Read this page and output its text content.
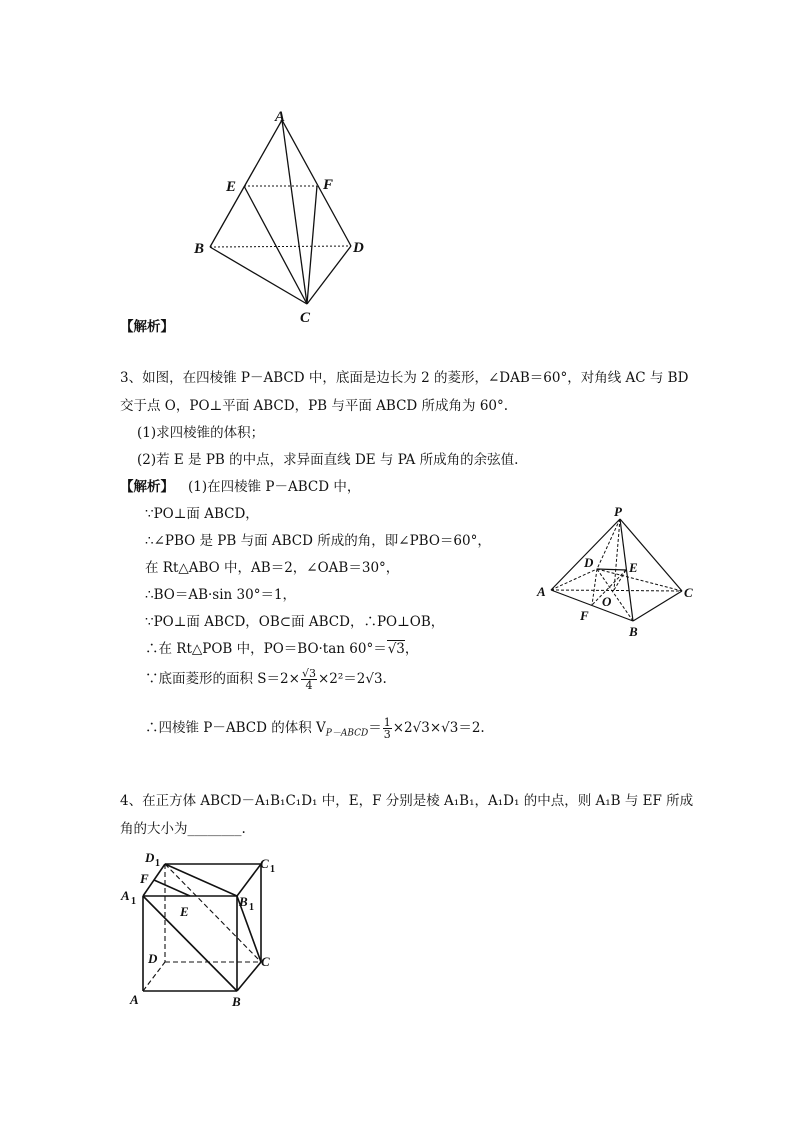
A
E	F
B	D
C
【解析】
3、如图，在四棱锥 P－ABCD 中，底面是边长为 2 的菱形，∠DAB＝60°，对角线 AC 与 BD
交于点 O，PO⊥平面 ABCD，PB 与平面 ABCD 所成角为 60°.
(1)求四棱锥的体积；
(2)若 E 是 PB 的中点，求异面直线 DE 与 PA 所成角的余弦值.
【解析】 (1)在四棱锥 P－ABCD 中，
∵PO⊥面 ABCD，
∴∠PBO 是 PB 与面 ABCD 所成的角，即∠PBO＝60°，
在 Rt△ABO 中，AB＝2，∠OAB＝30°，
∴BO＝AB·sin 30°＝1，
∵PO⊥面 ABCD，OB⊂面 ABCD，∴PO⊥OB，
∴在 Rt△POB 中，PO＝BO·tan 60°＝√3，
∵底面菱形的面积 $S=2\times \frac{√3}{4} \times 2^2=2√3$.
∴四棱锥 P－ABCD 的体积 $V_{P-ABCD}= \frac{1}{3} \times 2√3\times√3=2$.
P
D	E
A
O
C
F
B
4、在正方体 ABCD－A₁B₁C₁D₁ 中，E，F 分别是棱 A₁B₁，A₁D₁ 的中点，则 A₁B 与 EF 所成
角的大小为________.
D 1	C 1
F
A 1
E
B 1
D	C
A	B
